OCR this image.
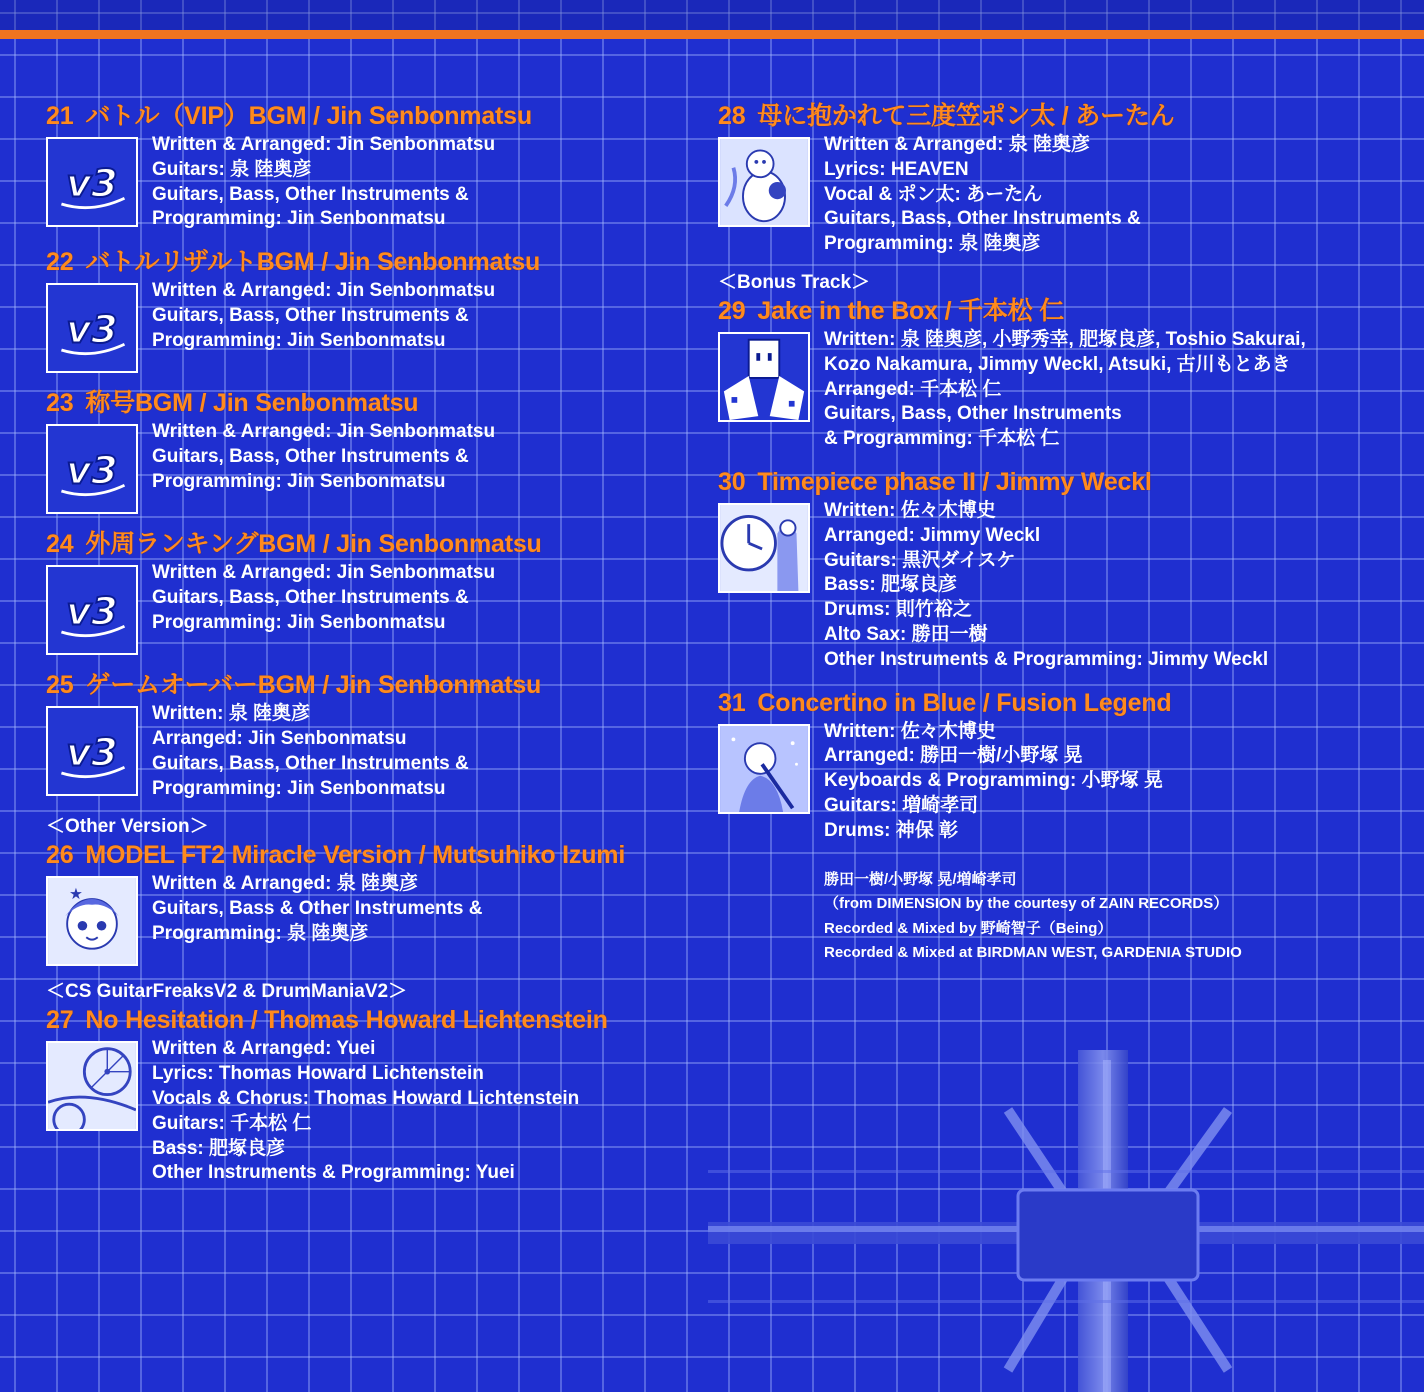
21 バトル（VIP）BGM / Jin Senbonmatsu
v3
Written & Arranged: Jin Senbonmatsu
Guitars: 泉 陸奥彦
Guitars, Bass, Other Instruments &
Programming: Jin Senbonmatsu
22 バトルリザルトBGM / Jin Senbonmatsu
v3
Written & Arranged: Jin Senbonmatsu
Guitars, Bass, Other Instruments &
Programming: Jin Senbonmatsu
23 称号BGM / Jin Senbonmatsu
v3
Written & Arranged: Jin Senbonmatsu
Guitars, Bass, Other Instruments &
Programming: Jin Senbonmatsu
24 外周ランキングBGM / Jin Senbonmatsu
v3
Written & Arranged: Jin Senbonmatsu
Guitars, Bass, Other Instruments &
Programming: Jin Senbonmatsu
25 ゲームオーバーBGM / Jin Senbonmatsu
v3
Written: 泉 陸奥彦
Arranged: Jin Senbonmatsu
Guitars, Bass, Other Instruments &
Programming: Jin Senbonmatsu
＜Other Version＞
26 MODEL FT2 Miracle Version / Mutsuhiko Izumi
★
Written & Arranged: 泉 陸奥彦
Guitars, Bass & Other Instruments &
Programming: 泉 陸奥彦
＜CS GuitarFreaksV2 & DrumManiaV2＞
27 No Hesitation / Thomas Howard Lichtenstein
Written & Arranged: Yuei
Lyrics: Thomas Howard Lichtenstein
Vocals & Chorus: Thomas Howard Lichtenstein
Guitars: 千本松 仁
Bass: 肥塚良彦
Other Instruments & Programming: Yuei
28 母に抱かれて三度笠ポン太 / あーたん
Written & Arranged: 泉 陸奥彦
Lyrics: HEAVEN
Vocal & ポン太: あーたん
Guitars, Bass, Other Instruments &
Programming: 泉 陸奥彦
＜Bonus Track＞
29 Jake in the Box / 千本松 仁
Written: 泉 陸奥彦, 小野秀幸, 肥塚良彦, Toshio Sakurai,
Kozo Nakamura, Jimmy Weckl, Atsuki, 古川もとあき
Arranged: 千本松 仁
Guitars, Bass, Other Instruments
& Programming: 千本松 仁
30 Timepiece phase II / Jimmy Weckl
Written: 佐々木博史
Arranged: Jimmy Weckl
Guitars: 黒沢ダイスケ
Bass: 肥塚良彦
Drums: 則竹裕之
Alto Sax: 勝田一樹
Other Instruments & Programming: Jimmy Weckl
31 Concertino in Blue / Fusion Legend
Written: 佐々木博史
Arranged: 勝田一樹/小野塚 晃
Keyboards & Programming: 小野塚 晃
Guitars: 増崎孝司
Drums: 神保 彰
勝田一樹/小野塚 晃/増崎孝司
（from DIMENSION by the courtesy of ZAIN RECORDS）
Recorded & Mixed by 野崎智子（Being）
Recorded & Mixed at BIRDMAN WEST, GARDENIA STUDIO
